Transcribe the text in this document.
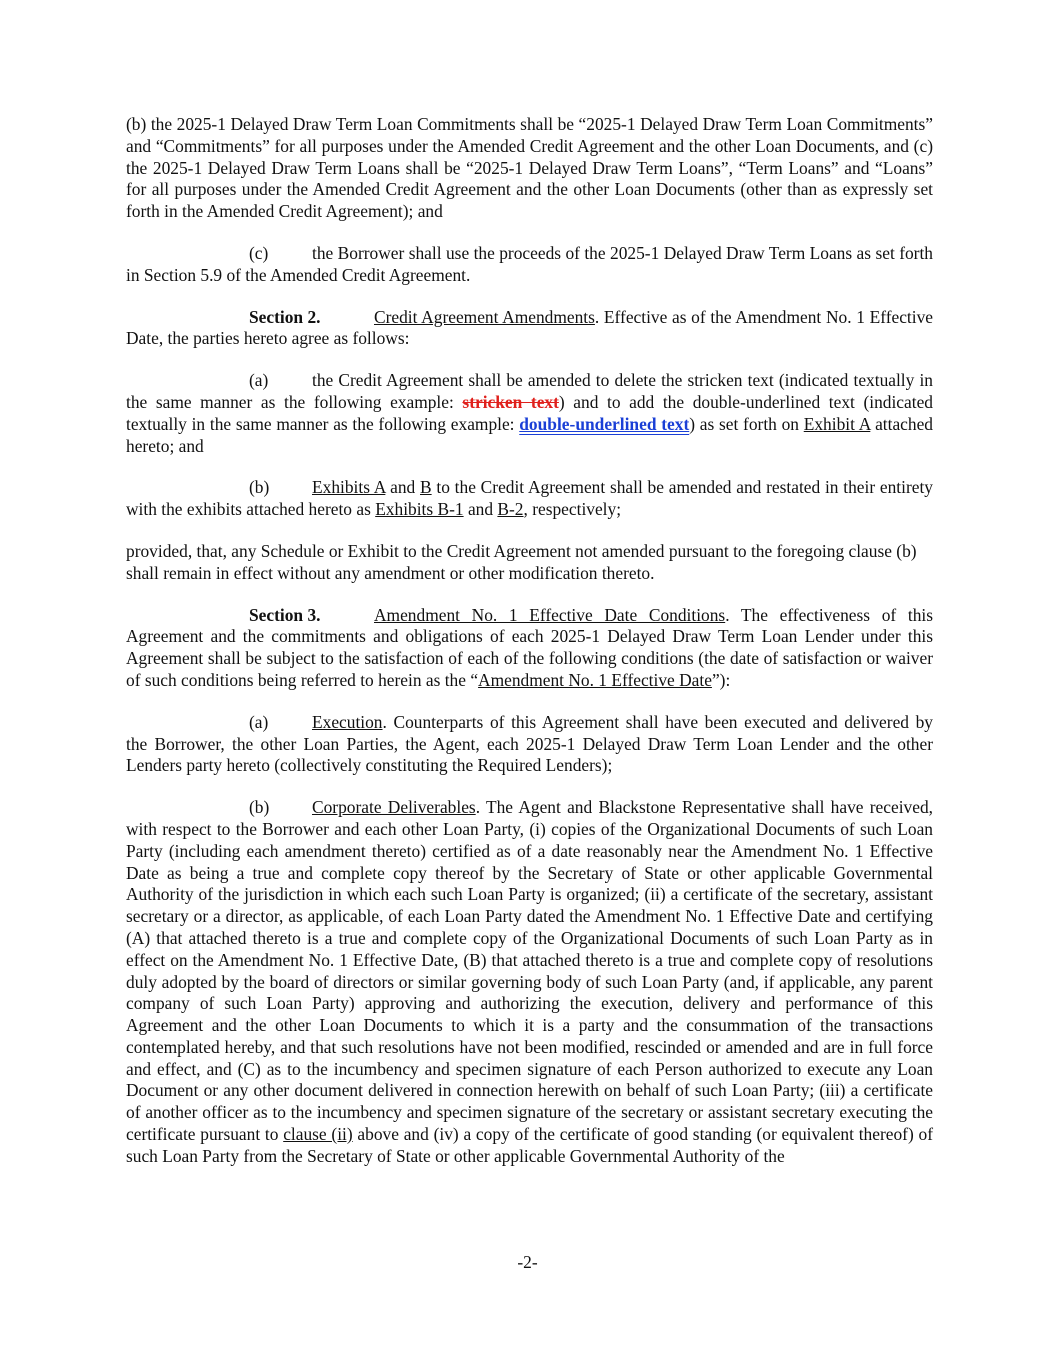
(b) the 2025-1 Delayed Draw Term Loan Commitments shall be “2025-1 Delayed Draw Term Loan Commitments” and “Commitments” for all purposes under the Amended Credit Agreement and the other Loan Documents, and (c) the 2025-1 Delayed Draw Term Loans shall be “2025-1 Delayed Draw Term Loans”, “Term Loans” and “Loans” for all purposes under the Amended Credit Agreement and the other Loan Documents (other than as expressly set forth in the Amended Credit Agreement); and

(c)	the Borrower shall use the proceeds of the 2025-1 Delayed Draw Term Loans as set forth in Section 5.9 of the Amended Credit Agreement.

Section 2.	Credit Agreement Amendments. Effective as of the Amendment No. 1 Effective Date, the parties hereto agree as follows:

(a)	the Credit Agreement shall be amended to delete the stricken text (indicated textually in the same manner as the following example: stricken text) and to add the double-underlined text (indicated textually in the same manner as the following example: double-underlined text) as set forth on Exhibit A attached hereto; and

(b) Exhibits A and B to the Credit Agreement shall be amended and restated in their entirety with the exhibits attached hereto as Exhibits B-1 and B-2, respectively;

provided, that, any Schedule or Exhibit to the Credit Agreement not amended pursuant to the foregoing clause (b) shall remain in effect without any amendment or other modification thereto.

Section 3.	Amendment No. 1 Effective Date Conditions. The effectiveness of this Agreement and the commitments and obligations of each 2025-1 Delayed Draw Term Loan Lender under this Agreement shall be subject to the satisfaction of each of the following conditions (the date of satisfaction or waiver of such conditions being referred to herein as the “Amendment No. 1 Effective Date”):

(a)	Execution. Counterparts of this Agreement shall have been executed and delivered by the Borrower, the other Loan Parties, the Agent, each 2025-1 Delayed Draw Term Loan Lender and the other Lenders party hereto (collectively constituting the Required Lenders);

(b) Corporate Deliverables. The Agent and Blackstone Representative shall have received, with respect to the Borrower and each other Loan Party, (i) copies of the Organizational Documents of such Loan Party (including each amendment thereto) certified as of a date reasonably near the Amendment No. 1 Effective Date as being a true and complete copy thereof by the Secretary of State or other applicable Governmental Authority of the jurisdiction in which each such Loan Party is organized; (ii) a certificate of the secretary, assistant secretary or a director, as applicable, of each Loan Party dated the Amendment No. 1 Effective Date and certifying (A) that attached thereto is a true and complete copy of the Organizational Documents of such Loan Party as in effect on the Amendment No. 1 Effective Date, (B) that attached thereto is a true and complete copy of resolutions duly adopted by the board of directors or similar governing body of such Loan Party (and, if applicable, any parent company of such Loan Party) approving and authorizing the execution, delivery and performance of this Agreement and the other Loan Documents to which it is a party and the consummation of the transactions contemplated hereby, and that such resolutions have not been modified, rescinded or amended and are in full force and effect, and (C) as to the incumbency and specimen signature of each Person authorized to execute any Loan Document or any other document delivered in connection herewith on behalf of such Loan Party; (iii) a certificate of another officer as to the incumbency and specimen signature of the secretary or assistant secretary executing the certificate pursuant to clause (ii) above and (iv) a copy of the certificate of good standing (or equivalent thereof) of such Loan Party from the Secretary of State or other applicable Governmental Authority of the

-2-
